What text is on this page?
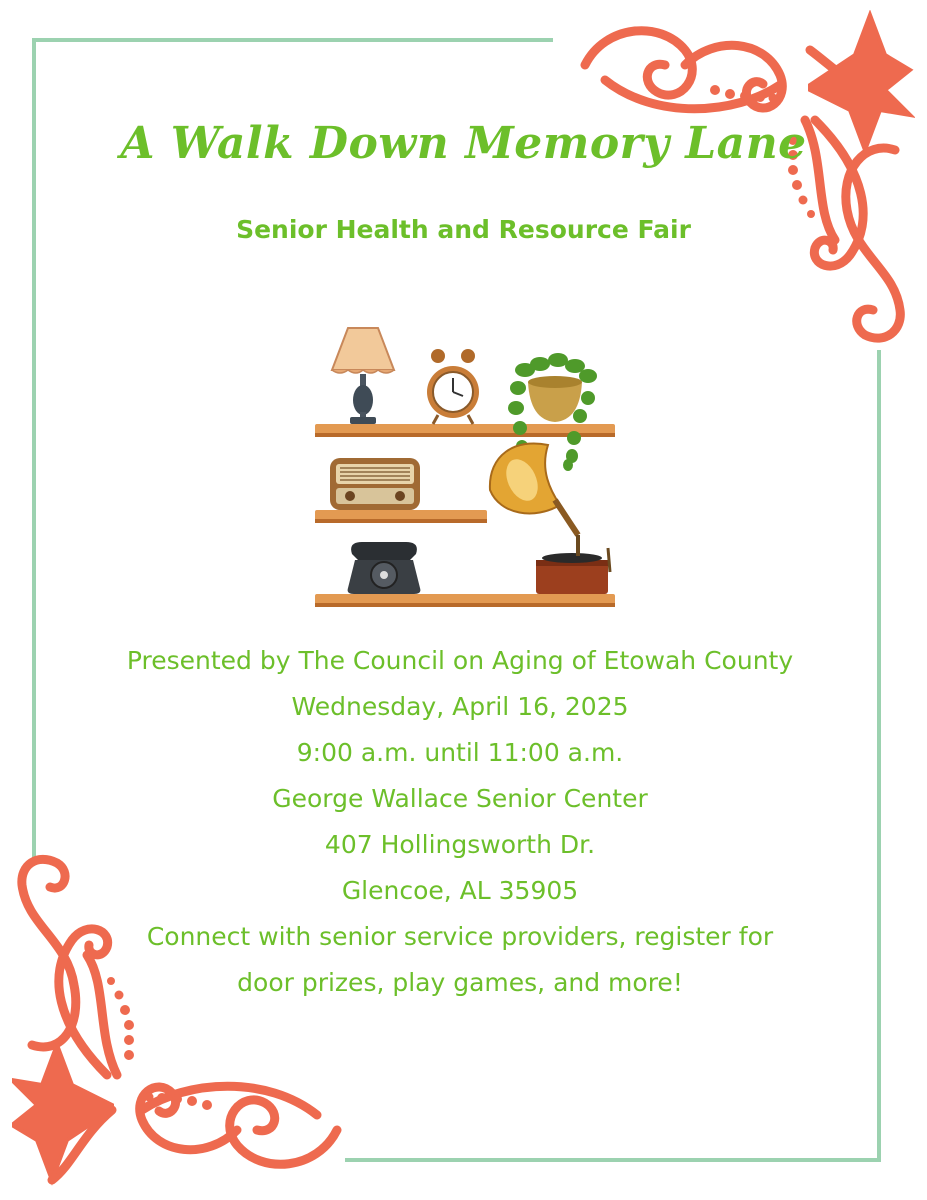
A Walk Down Memory Lane
Senior Health and Resource Fair
Presented by The Council on Aging of Etowah County
Wednesday, April 16, 2025
9:00 a.m. until 11:00 a.m.
George Wallace Senior Center
407 Hollingsworth Dr.
Glencoe, AL 35905
Connect with senior service providers, register for
door prizes, play games, and more!
